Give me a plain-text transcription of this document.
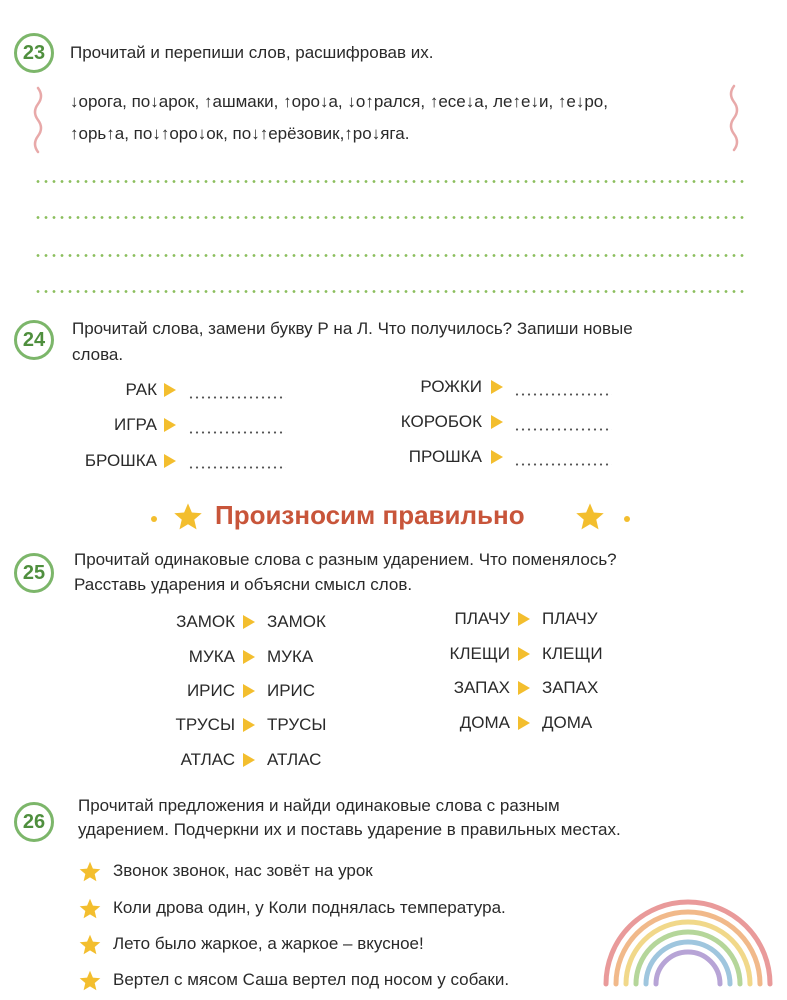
23 Прочитай и перепиши слов, расшифровав их.
↓орога, по↓арок, ↑ашмаки, ↑оро↓а, ↓о↑рался, ↑есе↓а, ле↑е↓и, ↑е↓ро,
↑орь↑а, по↓↑оро↓ок, по↓↑ерёзовик,↑ро↓яга.
24 Прочитай слова, замени букву Р на Л. Что получилось? Запиши новые
слова.
РАК
ИГРА
БРОШКА
РОЖКИ
КОРОБОК
ПРОШКА
Произносим правильно
25
Прочитай одинаковые слова с разным ударением. Что поменялось?
Расставь ударения и объясни смысл слов.
ЗАМОК ЗАМОК
МУКА МУКА
ИРИС ИРИС
ТРУСЫ ТРУСЫ
АТЛАС АТЛАС
ПЛАЧУ ПЛАЧУ
КЛЕЩИ КЛЕЩИ
ЗАПАХ ЗАПАХ
ДОМА ДОМА
26
Прочитай предложения и найди одинаковые слова с разным
ударением. Подчеркни их и поставь ударение в правильных местах.
Звонок звонок, нас зовёт на урок
Коли дрова один, у Коли поднялась температура.
Лето было жаркое, а жаркое – вкусное!
Вертел с мясом Саша вертел под носом у собаки.
